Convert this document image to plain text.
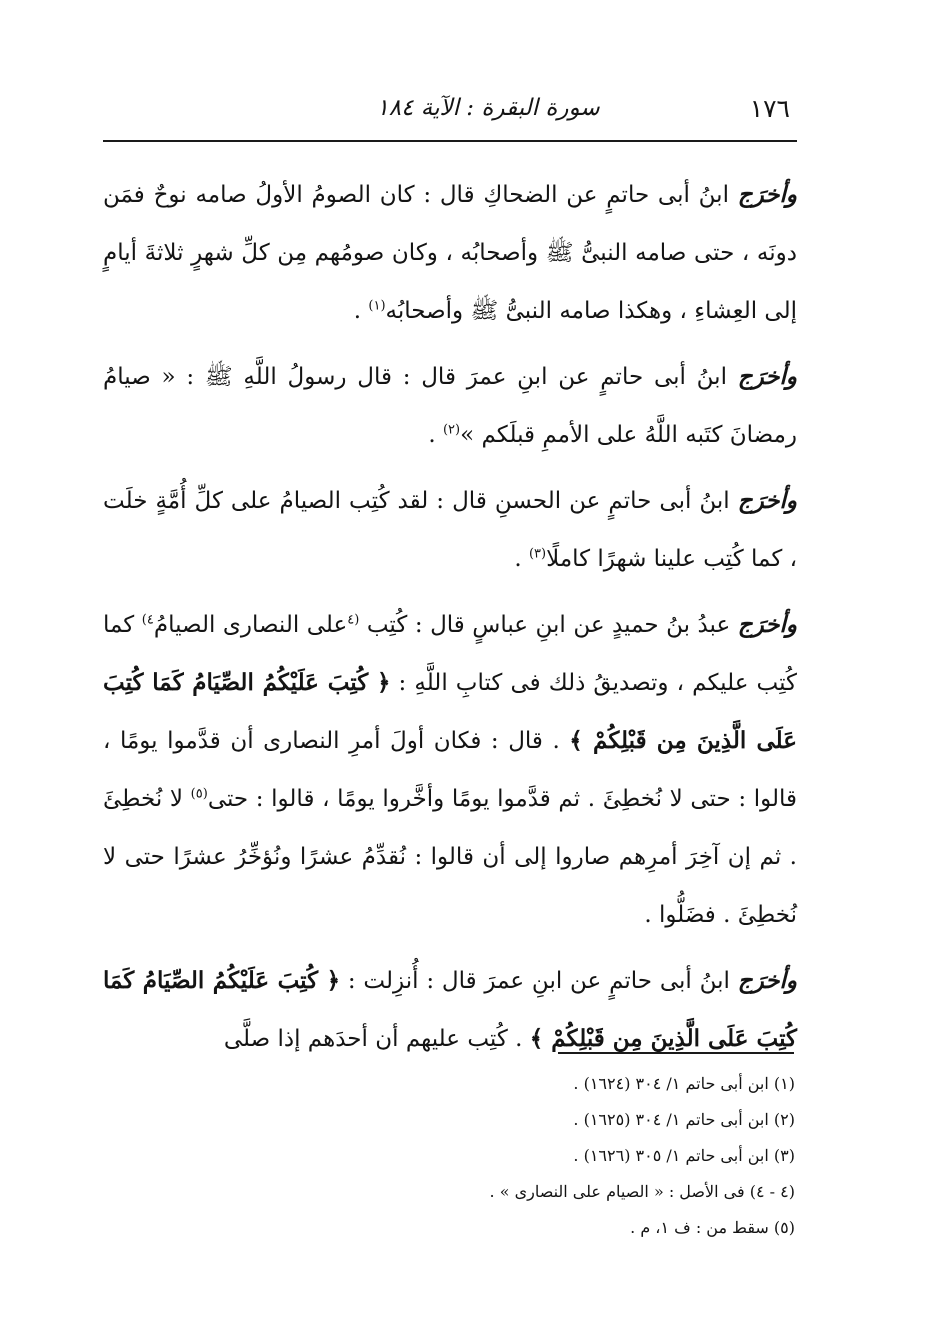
١٧٦
سورة البقرة : الآية ١٨٤

وأخرَج ابنُ أبى حاتمٍ عن الضحاكِ قال : كان الصومُ الأولُ صامه نوحٌ فمَن دونَه ، حتى صامه النبىُّ ﷺ وأصحابُه ، وكان صومُهم مِن كلِّ شهرٍ ثلاثةَ أيامٍ إلى العِشاءِ ، وهكذا صامه النبىُّ ﷺ وأصحابُه$^{(١)}$ .

وأخرَج ابنُ أبى حاتمٍ عن ابنِ عمرَ قال : قال رسولُ اللَّهِ ﷺ : « صيامُ رمضانَ كتَبه اللَّهُ على الأممِ قبلَكم »$^{(٢)}$ .

وأخرَج ابنُ أبى حاتمٍ عن الحسنِ قال : لقد كُتِب الصيامُ على كلِّ أُمَّةٍ خلَت ، كما كُتِب علينا شهرًا كاملًا$^{(٣)}$ .

وأخرَج عبدُ بنُ حميدٍ عن ابنِ عباسٍ قال : كُتِب $^{(٤}$على النصارى الصيامُ$^{٤)}$ كما كُتِب عليكم ، وتصديقُ ذلك فى كتابِ اللَّهِ : ﴿ كُتِبَ عَلَيْكُمُ الصِّيَامُ كَمَا كُتِبَ عَلَى الَّذِينَ مِن قَبْلِكُمْ ﴾ . قال : فكان أولَ أمرِ النصارى أن قدَّموا يومًا ، قالوا : حتى لا نُخطِئَ . ثم قدَّموا يومًا وأخَّروا يومًا ، قالوا : حتى$^{(٥)}$ لا نُخطِئَ . ثم إن آخِرَ أمرِهم صاروا إلى أن قالوا : نُقدِّمُ عشرًا ونُؤخِّرُ عشرًا حتى لا نُخطِئَ . فضَلُّوا .

وأخرَج ابنُ أبى حاتمٍ عن ابنِ عمرَ قال : أُنزِلت : ﴿ كُتِبَ عَلَيْكُمُ الصِّيَامُ كَمَا كُتِبَ عَلَى الَّذِينَ مِن قَبْلِكُمْ ﴾ . كُتِب عليهم أن أحدَهم إذا صلَّى

(١) ابن أبى حاتم ١/ ٣٠٤ (١٦٢٤) .
(٢) ابن أبى حاتم ١/ ٣٠٤ (١٦٢٥) .
(٣) ابن أبى حاتم ١/ ٣٠٥ (١٦٢٦) .
(٤ - ٤) فى الأصل : « الصيام على النصارى » .
(٥) سقط من : ف ١، م .
